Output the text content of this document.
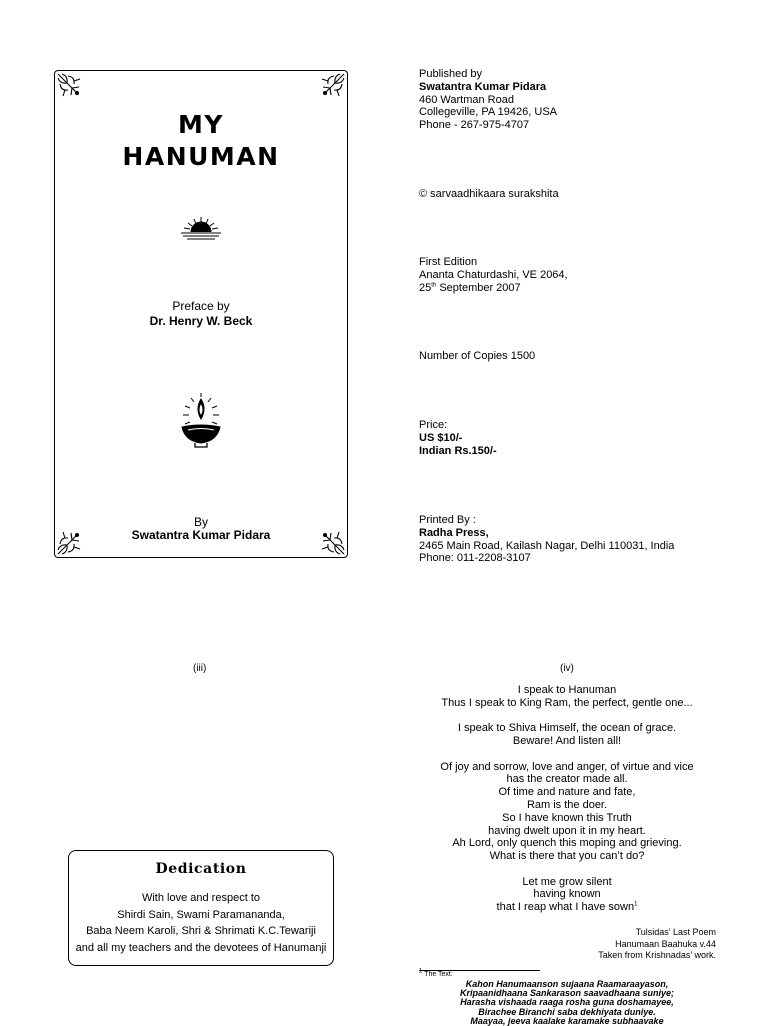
MY
HANUMAN
Preface by
Dr. Henry W. Beck
By
Swatantra Kumar Pidara
Published by
Swatantra Kumar Pidara
460 Wartman Road
Collegeville, PA 19426, USA
Phone - 267-975-4707
© sarvaadhikaara surakshita
First Edition
Ananta Chaturdashi, VE 2064,
25th September 2007
Number of Copies 1500
Price:
US $10/-
Indian Rs.150/-
Printed By :
Radha Press,
2465 Main Road, Kailash Nagar, Delhi 110031, India
Phone: 011-2208-3107
(iii)	(iv)
Dedication
With love and respect to
Shirdi Sain, Swami Paramananda,
Baba Neem Karoli, Shri & Shrimati K.C.Tewariji
and all my teachers and the devotees of Hanumanji
I speak to Hanuman
Thus I speak to King Ram, the perfect, gentle one...
I speak to Shiva Himself, the ocean of grace.
Beware! And listen all!
Of joy and sorrow, love and anger, of virtue and vice
has the creator made all.
Of time and nature and fate,
Ram is the doer.
So I have known this Truth
having dwelt upon it in my heart.
Ah Lord, only quench this moping and grieving.
What is there that you can’t do?
Let me grow silent
having known
that I reap what I have sown$^1$
Tulsidas’ Last Poem
Hanumaan Baahuka v.44
Taken from Krishnadas’ work.
$^1$ The Text:
Kahon Hanumaanson sujaana Raamaraayason,
Kripaanidhaana Sankarason saavadhaana suniye;
Harasha vishaada raaga rosha guna doshamayee,
Birachee Biranchi saba dekhiyata duniye.
Maayaa, jeeva kaalake karamake subhaavake
